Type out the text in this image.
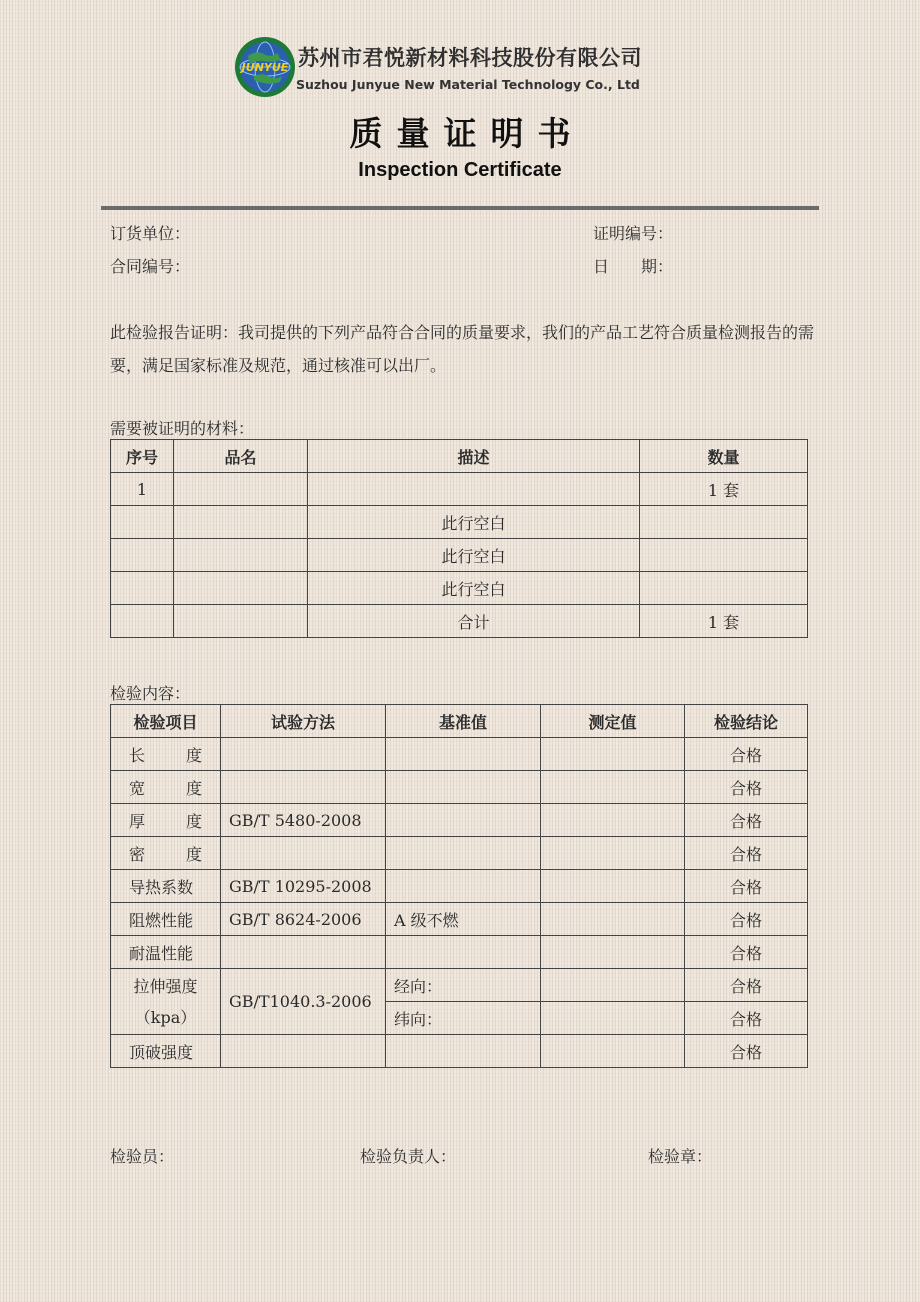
JUNYUE 苏州市君悦新材料科技股份有限公司
Suzhou Junyue New Material Technology Co., Ltd
质量证明书
Inspection Certificate
订货单位：	证明编号：
合同编号：	日　　期：
此检验报告证明：我司提供的下列产品符合合同的质量要求，我们的产品工艺符合质量检测报告的需要，满足国家标准及规范，通过核准可以出厂。
需要被证明的材料：
序号	品名	描述	数量
1			1 套
		此行空白	
		此行空白	
		此行空白	
		合计	1 套
检验内容：
检验项目	试验方法	基准值	测定值	检验结论

长 度				合格

宽 度				合格

厚 度	GB/T 5480-2008			合格

密 度				合格
导热系数	GB/T 10295-2008			合格
阻燃性能	GB/T 8624-2006	A 级不燃		合格
耐温性能				合格

拉伸强度
（kpa）	GB/T1040.3-2006	经向：		合格
		纬向：		合格
顶破强度				合格
检验员：	检验负责人：	检验章：
